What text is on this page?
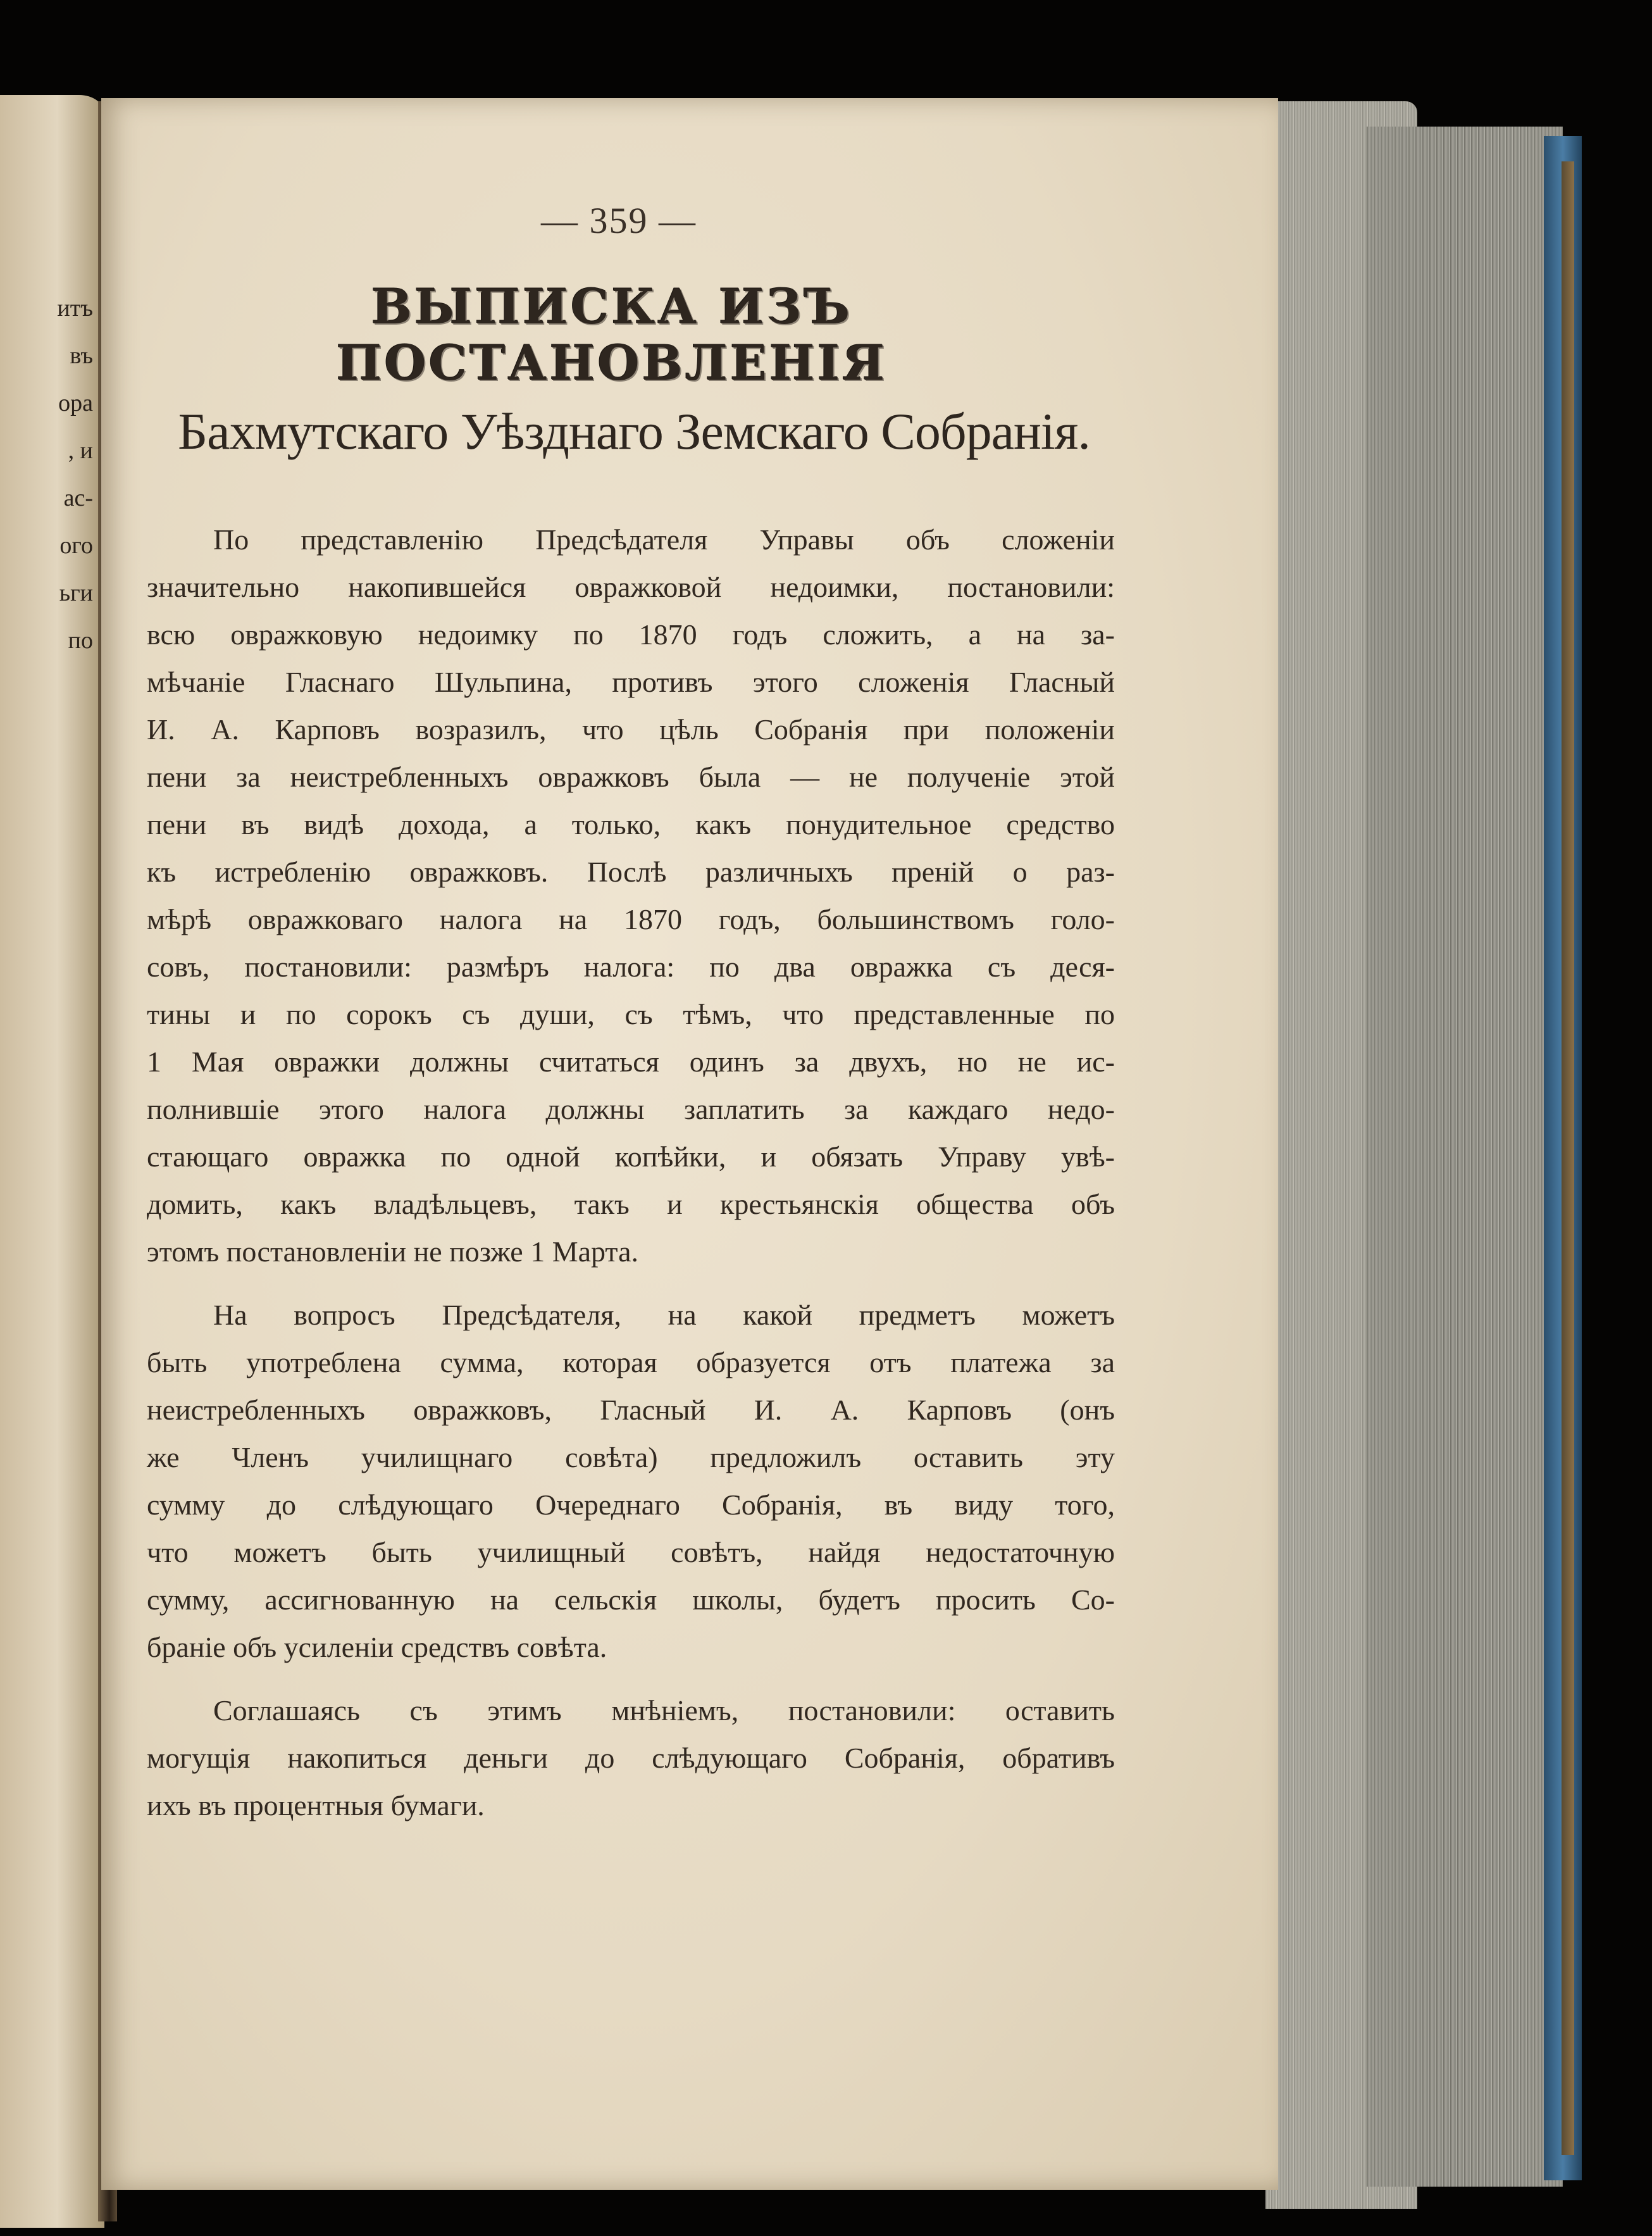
итъ
въ
ора
, и
ас-
ого
ьги
по
— 359 —
ВЫПИСКА ИЗЪ ПОСТАНОВЛЕНІЯ
Бахмутскаго Уѣзднаго Земскаго Собранія.
По представленію Предсѣдателя Управы объ сложеніи
значительно накопившейся овражковой недоимки, постановили:
всю овражковую недоимку по 1870 годъ сложить, а на за-
мѣчаніе Гласнаго Шульпина, противъ этого сложенія Гласный
И. А. Карповъ возразилъ, что цѣль Собранія при положеніи
пени за неистребленныхъ овражковъ была — не полученіе этой
пени въ видѣ дохода, а только, какъ понудительное средство
къ истребленію овражковъ. Послѣ различныхъ преній о раз-
мѣрѣ овражковаго налога на 1870 годъ, большинствомъ голо-
совъ, постановили: размѣръ налога: по два овражка съ деся-
тины и по сорокъ съ души, съ тѣмъ, что представленные по
1 Мая овражки должны считаться одинъ за двухъ, но не ис-
полнившіе этого налога должны заплатить за каждаго недо-
стающаго овражка по одной копѣйки, и обязать Управу увѣ-
домить, какъ владѣльцевъ, такъ и крестьянскія общества объ
этомъ постановленіи не позже 1 Марта.
На вопросъ Предсѣдателя, на какой предметъ можетъ
быть употреблена сумма, которая образуется отъ платежа за
неистребленныхъ овражковъ, Гласный И. А. Карповъ (онъ
же Членъ училищнаго совѣта) предложилъ оставить эту
сумму до слѣдующаго Очереднаго Собранія, въ виду того,
что можетъ быть училищный совѣтъ, найдя недостаточную
сумму, ассигнованную на сельскія школы, будетъ просить Со-
браніе объ усиленіи средствъ совѣта.
Соглашаясь съ этимъ мнѣніемъ, постановили: оставить
могущія накопиться деньги до слѣдующаго Собранія, обративъ
ихъ въ процентныя бумаги.
